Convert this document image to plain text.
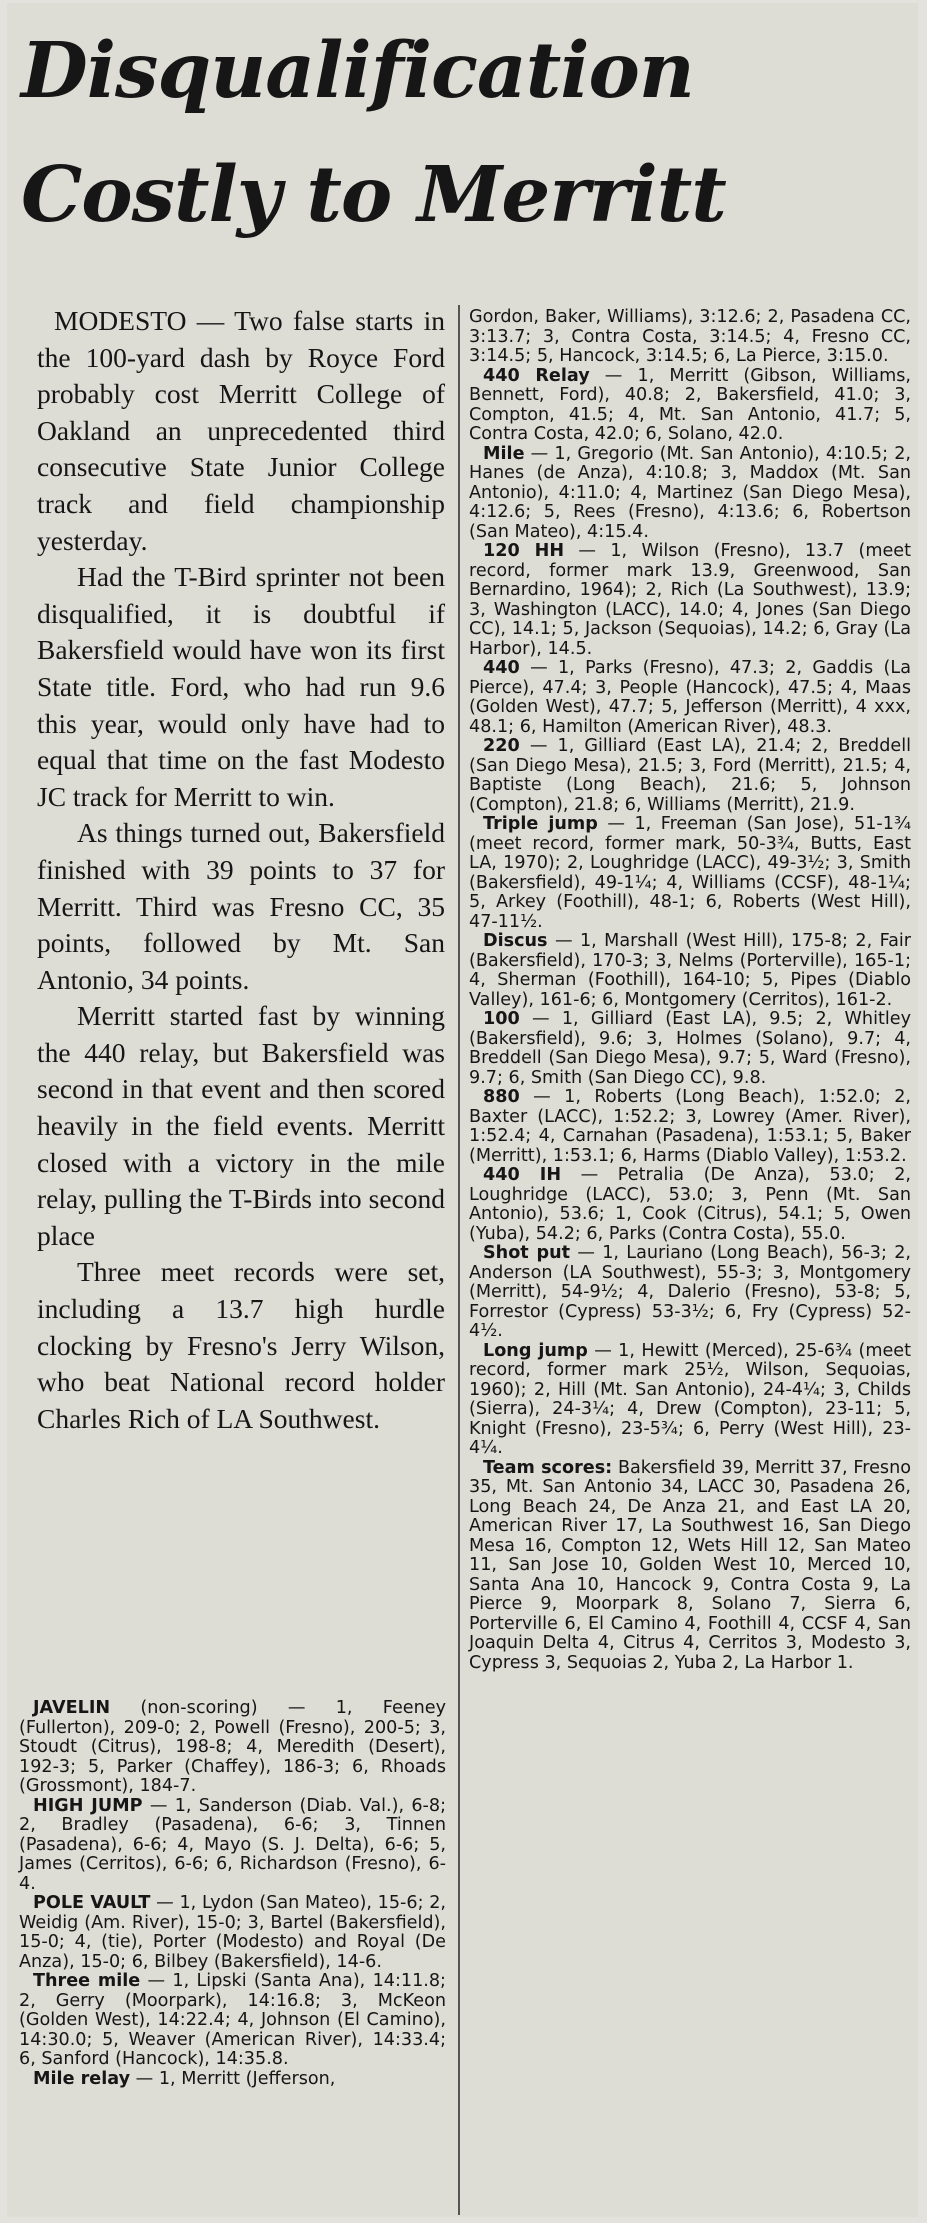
Disqualification
Costly to Merritt

MODESTO — Two false starts in the 100-yard dash by Royce Ford probably cost Merritt College of Oakland an unprecedented third consecutive State Junior College track and field championship yesterday.

Had the T-Bird sprinter not been disqualified, it is doubtful if Bakersfield would have won its first State title. Ford, who had run 9.6 this year, would only have had to equal that time on the fast Modesto JC track for Merritt to win.

As things turned out, Bakersfield finished with 39 points to 37 for Merritt. Third was Fresno CC, 35 points, followed by Mt. San Antonio, 34 points.

Merritt started fast by winning the 440 relay, but Bakersfield was second in that event and then scored heavily in the field events. Merritt closed with a victory in the mile relay, pulling the T-Birds into second place

Three meet records were set, including a 13.7 high hurdle clocking by Fresno's Jerry Wilson, who beat National record holder Charles Rich of LA Southwest.

JAVELIN (non-scoring) — 1, Feeney (Fullerton), 209-0; 2, Powell (Fresno), 200-5; 3, Stoudt (Citrus), 198-8; 4, Meredith (Desert), 192-3; 5, Parker (Chaffey), 186-3; 6, Rhoads (Grossmont), 184-7.

HIGH JUMP — 1, Sanderson (Diab. Val.), 6-8; 2, Bradley (Pasadena), 6-6; 3, Tinnen (Pasadena), 6-6; 4, Mayo (S. J. Delta), 6-6; 5, James (Cerritos), 6-6; 6, Richardson (Fresno), 6-4.

POLE VAULT — 1, Lydon (San Mateo), 15-6; 2, Weidig (Am. River), 15-0; 3, Bartel (Bakersfield), 15-0; 4, (tie), Porter (Modesto) and Royal (De Anza), 15-0; 6, Bilbey (Bakersfield), 14-6.

Three mile — 1, Lipski (Santa Ana), 14:11.8; 2, Gerry (Moorpark), 14:16.8; 3, McKeon (Golden West), 14:22.4; 4, Johnson (El Camino), 14:30.0; 5, Weaver (American River), 14:33.4; 6, Sanford (Hancock), 14:35.8.

Mile relay — 1, Merritt (Jefferson,

Gordon, Baker, Williams), 3:12.6; 2, Pasadena CC, 3:13.7; 3, Contra Costa, 3:14.5; 4, Fresno CC, 3:14.5; 5, Hancock, 3:14.5; 6, La Pierce, 3:15.0.

440 Relay — 1, Merritt (Gibson, Williams, Bennett, Ford), 40.8; 2, Bakersfield, 41.0; 3, Compton, 41.5; 4, Mt. San Antonio, 41.7; 5, Contra Costa, 42.0; 6, Solano, 42.0.

Mile — 1, Gregorio (Mt. San Antonio), 4:10.5; 2, Hanes (de Anza), 4:10.8; 3, Maddox (Mt. San Antonio), 4:11.0; 4, Martinez (San Diego Mesa), 4:12.6; 5, Rees (Fresno), 4:13.6; 6, Robertson (San Mateo), 4:15.4.

120 HH — 1, Wilson (Fresno), 13.7 (meet record, former mark 13.9, Greenwood, San Bernardino, 1964); 2, Rich (La Southwest), 13.9; 3, Washington (LACC), 14.0; 4, Jones (San Diego CC), 14.1; 5, Jackson (Sequoias), 14.2; 6, Gray (La Harbor), 14.5.

440 — 1, Parks (Fresno), 47.3; 2, Gaddis (La Pierce), 47.4; 3, People (Hancock), 47.5; 4, Maas (Golden West), 47.7; 5, Jefferson (Merritt), 4 xxx, 48.1; 6, Hamilton (American River), 48.3.

220 — 1, Gilliard (East LA), 21.4; 2, Breddell (San Diego Mesa), 21.5; 3, Ford (Merritt), 21.5; 4, Baptiste (Long Beach), 21.6; 5, Johnson (Compton), 21.8; 6, Williams (Merritt), 21.9.

Triple jump — 1, Freeman (San Jose), 51-1¾ (meet record, former mark, 50-3¾, Butts, East LA, 1970); 2, Loughridge (LACC), 49-3½; 3, Smith (Bakersfield), 49-1¼; 4, Williams (CCSF), 48-1¼; 5, Arkey (Foothill), 48-1; 6, Roberts (West Hill), 47-11½.

Discus — 1, Marshall (West Hill), 175-8; 2, Fair (Bakersfield), 170-3; 3, Nelms (Porterville), 165-1; 4, Sherman (Foothill), 164-10; 5, Pipes (Diablo Valley), 161-6; 6, Montgomery (Cerritos), 161-2.

100 — 1, Gilliard (East LA), 9.5; 2, Whitley (Bakersfield), 9.6; 3, Holmes (Solano), 9.7; 4, Breddell (San Diego Mesa), 9.7; 5, Ward (Fresno), 9.7; 6, Smith (San Diego CC), 9.8.

880 — 1, Roberts (Long Beach), 1:52.0; 2, Baxter (LACC), 1:52.2; 3, Lowrey (Amer. River), 1:52.4; 4, Carnahan (Pasadena), 1:53.1; 5, Baker (Merritt), 1:53.1; 6, Harms (Diablo Valley), 1:53.2.

440 IH — Petralia (De Anza), 53.0; 2, Loughridge (LACC), 53.0; 3, Penn (Mt. San Antonio), 53.6; 1, Cook (Citrus), 54.1; 5, Owen (Yuba), 54.2; 6, Parks (Contra Costa), 55.0.

Shot put — 1, Lauriano (Long Beach), 56-3; 2, Anderson (LA Southwest), 55-3; 3, Montgomery (Merritt), 54-9½; 4, Dalerio (Fresno), 53-8; 5, Forrestor (Cypress) 53-3½; 6, Fry (Cypress) 52-4½.

Long jump — 1, Hewitt (Merced), 25-6¾ (meet record, former mark 25½, Wilson, Sequoias, 1960); 2, Hill (Mt. San Antonio), 24-4¼; 3, Childs (Sierra), 24-3¼; 4, Drew (Compton), 23-11; 5, Knight (Fresno), 23-5¾; 6, Perry (West Hill), 23-4¼.

Team scores: Bakersfield 39, Merritt 37, Fresno 35, Mt. San Antonio 34, LACC 30, Pasadena 26, Long Beach 24, De Anza 21, and East LA 20, American River 17, La Southwest 16, San Diego Mesa 16, Compton 12, Wets Hill 12, San Mateo 11, San Jose 10, Golden West 10, Merced 10, Santa Ana 10, Hancock 9, Contra Costa 9, La Pierce 9, Moorpark 8, Solano 7, Sierra 6, Porterville 6, El Camino 4, Foothill 4, CCSF 4, San Joaquin Delta 4, Citrus 4, Cerritos 3, Modesto 3, Cypress 3, Sequoias 2, Yuba 2, La Harbor 1.
